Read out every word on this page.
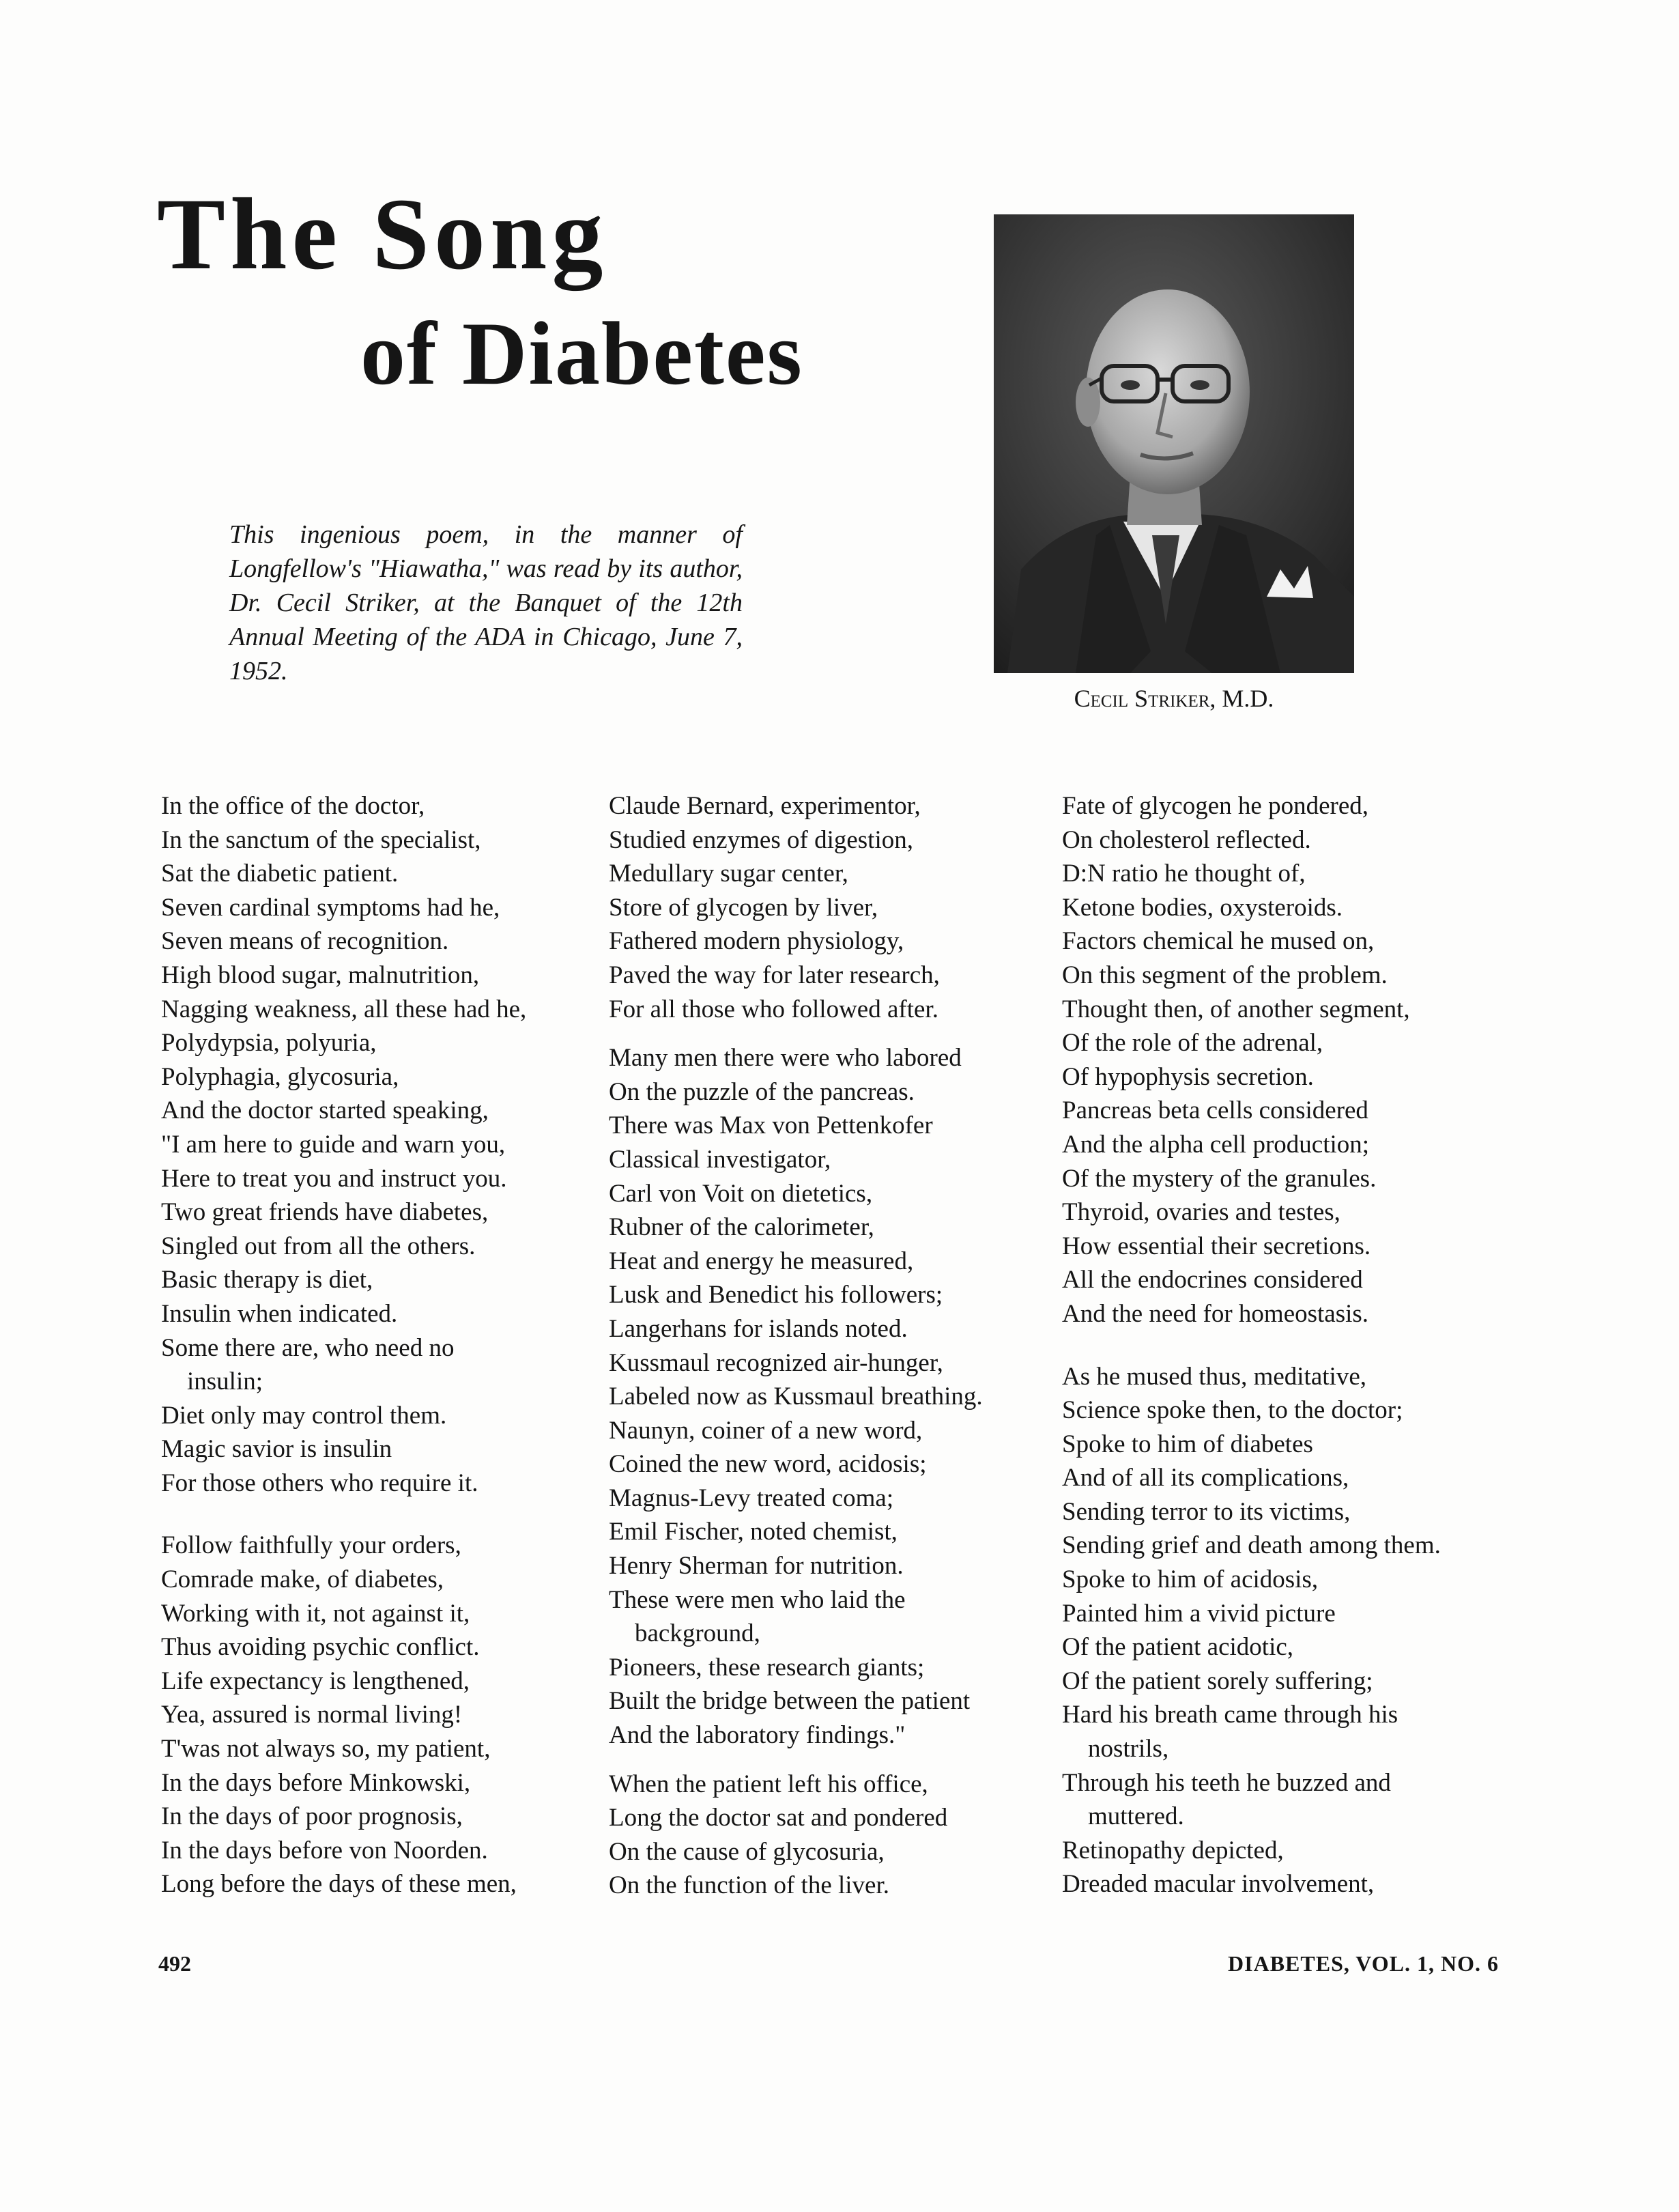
The Song
of Diabetes

This ingenious poem, in the manner of Longfellow's "Hiawatha," was read by its author, Dr. Cecil Striker, at the Banquet of the 12th Annual Meeting of the ADA in Chicago, June 7, 1952.

Cecil Striker, M.D.
In the office of the doctor,
In the sanctum of the specialist,
Sat the diabetic patient.
Seven cardinal symptoms had he,
Seven means of recognition.
High blood sugar, malnutrition,
Nagging weakness, all these had he,
Polydypsia, polyuria,
Polyphagia, glycosuria,
And the doctor started speaking,
"I am here to guide and warn you,
Here to treat you and instruct you.
Two great friends have diabetes,
Singled out from all the others.
Basic therapy is diet,
Insulin when indicated.
Some there are, who need no
insulin;
Diet only may control them.
Magic savior is insulin
For those others who require it.
Follow faithfully your orders,
Comrade make, of diabetes,
Working with it, not against it,
Thus avoiding psychic conflict.
Life expectancy is lengthened,
Yea, assured is normal living!
T'was not always so, my patient,
In the days before Minkowski,
In the days of poor prognosis,
In the days before von Noorden.
Long before the days of these men,
Claude Bernard, experimentor,
Studied enzymes of digestion,
Medullary sugar center,
Store of glycogen by liver,
Fathered modern physiology,
Paved the way for later research,
For all those who followed after.
Many men there were who labored
On the puzzle of the pancreas.
There was Max von Pettenkofer
Classical investigator,
Carl von Voit on dietetics,
Rubner of the calorimeter,
Heat and energy he measured,
Lusk and Benedict his followers;
Langerhans for islands noted.
Kussmaul recognized air-hunger,
Labeled now as Kussmaul breathing.
Naunyn, coiner of a new word,
Coined the new word, acidosis;
Magnus-Levy treated coma;
Emil Fischer, noted chemist,
Henry Sherman for nutrition.
These were men who laid the
background,
Pioneers, these research giants;
Built the bridge between the patient
And the laboratory findings."
When the patient left his office,
Long the doctor sat and pondered
On the cause of glycosuria,
On the function of the liver.
Fate of glycogen he pondered,
On cholesterol reflected.
D:N ratio he thought of,
Ketone bodies, oxysteroids.
Factors chemical he mused on,
On this segment of the problem.
Thought then, of another segment,
Of the role of the adrenal,
Of hypophysis secretion.
Pancreas beta cells considered
And the alpha cell production;
Of the mystery of the granules.
Thyroid, ovaries and testes,
How essential their secretions.
All the endocrines considered
And the need for homeostasis.
As he mused thus, meditative,
Science spoke then, to the doctor;
Spoke to him of diabetes
And of all its complications,
Sending terror to its victims,
Sending grief and death among them.
Spoke to him of acidosis,
Painted him a vivid picture
Of the patient acidotic,
Of the patient sorely suffering;
Hard his breath came through his
nostrils,
Through his teeth he buzzed and
muttered.
Retinopathy depicted,
Dreaded macular involvement,
492	DIABETES, VOL. 1, NO. 6
